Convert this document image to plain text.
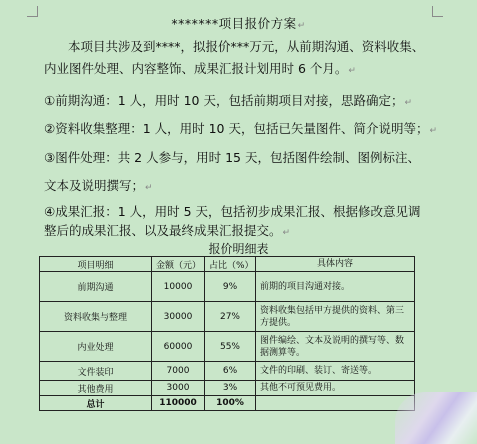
*******项目报价方案↵
本项目共涉及到****，拟报价***万元，从前期沟通、资料收集、
内业图件处理、内容整饰、成果汇报计划用时 6 个月。↵
①前期沟通：1 人，用时 10 天，包括前期项目对接，思路确定；↵
②资料收集整理：1 人，用时 10 天，包括已矢量图件、简介说明等；↵
③图件处理：共 2 人参与，用时 15 天，包括图件绘制、图例标注、
文本及说明撰写；↵
④成果汇报：1 人，用时 5 天，包括初步成果汇报、根据修改意见调
整后的成果汇报、以及最终成果汇报提交。↵
报价明细表
项目明细	金额（元）	占比（%）	具体内容	
前期沟通	10000	9%	前期的项目沟通对接。	
资料收集与整理	30000	27%	资料收集包括甲方提供的资料、第三方提供。	
内业处理	60000	55%	图件编绘、文本及说明的撰写等、数据测算等。	
文件装印	7000	6%	文件的印刷、装订、寄送等。	
其他费用	3000	3%	其他不可预见费用。	
总计	110000	100%		
